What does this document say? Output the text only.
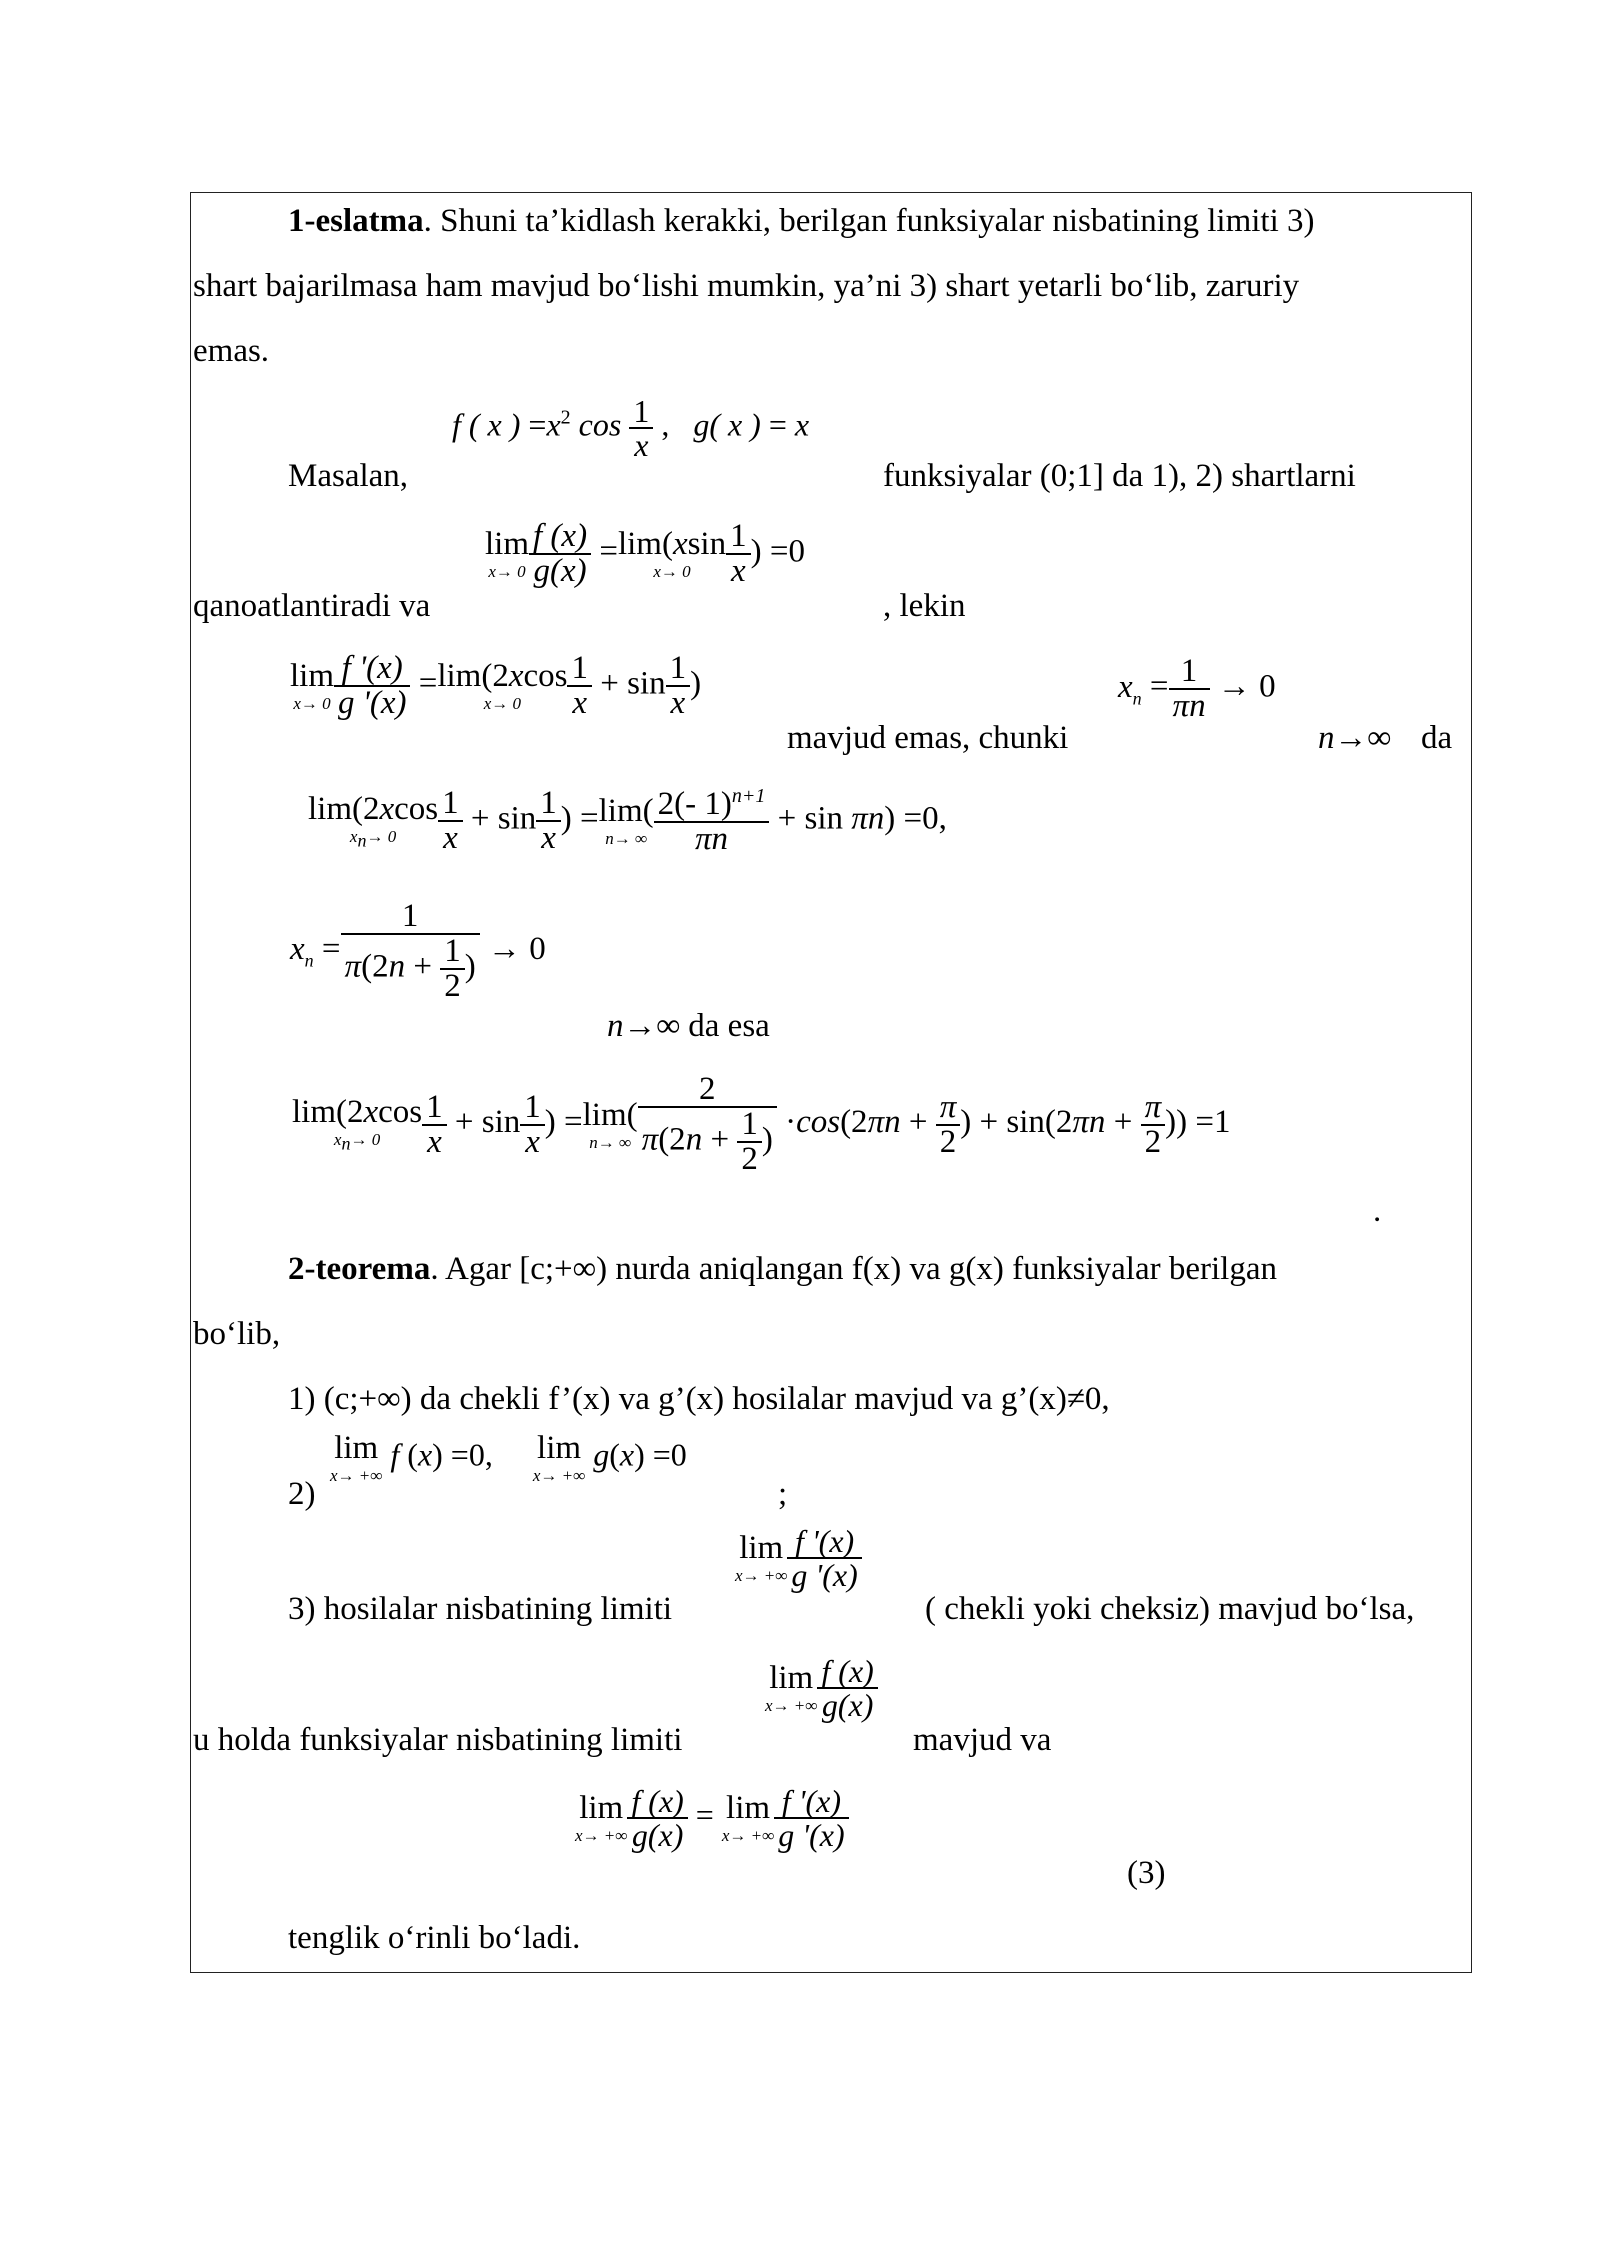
1-eslatma. Shuni ta’kidlash kerakki, berilgan funksiyalar nisbatining limiti 3)
shart bajarilmasa ham mavjud bo‘lishi mumkin, ya’ni 3) shart yetarli bo‘lib, zaruriy
emas.
Masalan,
f ( x ) $=x^2$ $\cos \frac{1}{x}$ ,   g( x ) = x
funksiyalar (0;1] da 1), 2) shartlarni
qanoatlantiradi va
lim
$x\to 0 \frac{f (x)}{g(x)} = \lim(xsin$
x→ 0	$\frac{1}{x}$ ) =0
, lekin
lim
$x\to 0 \frac{f '(x)}{g '(x)} = \lim(2xcos$
x→ 0	$\frac{1}{x} + \sin \frac{1}{x}$ )
mavjud emas, chunki
$x_n = \frac{1}{\pi n} \to 0$
n→∞ da
lim(2xcos
$x_n\to 0$	$\frac{1}{x} + \sin \frac{1}{x}$ ) = lim(
n→ ∞ $\frac{2(- 1)^{n+1}}{\pi n} + \sin \pi n) =0$,
$x_n = \frac{1}{\pi(2n + \frac{1}{2} )} \to 0$
n→∞ da esa
lim(2xcos
$x_n\to 0$	$\frac{1}{x} + \sin \frac{1}{x}$ ) = lim(
n→ ∞ $\frac{2}{\pi(2n + \frac{1}{2} )} \cdot\cos(2\pi n + \frac{\pi}{2}$ ) + $\sin(2\pi n + \frac{\pi}{2}$ )) =1
.
2-teorema. Agar [c;+∞) nurda aniqlangan f(x) va g(x) funksiyalar berilgan
bo‘lib,
1) (c;+∞) da chekli f’(x) va g’(x) hosilalar mavjud va g’(x)≠0,
2)
lim
x→ +∞
f (x) =0, lim
x→ +∞
g(x) =0
;
3) hosilalar nisbatining limiti
lim
x→ +∞ $\frac{f '(x)}{g '(x)}$
( chekli yoki cheksiz) mavjud bo‘lsa,
u holda funksiyalar nisbatining limiti
lim
x→ +∞ $\frac{f (x)}{g(x)}$
mavjud va
lim
x→ +∞ $\frac{f (x)}{g(x)} = \lim$
x→ +∞ $\frac{f '(x)}{g '(x)}$
(3)
tenglik o‘rinli bo‘ladi.
